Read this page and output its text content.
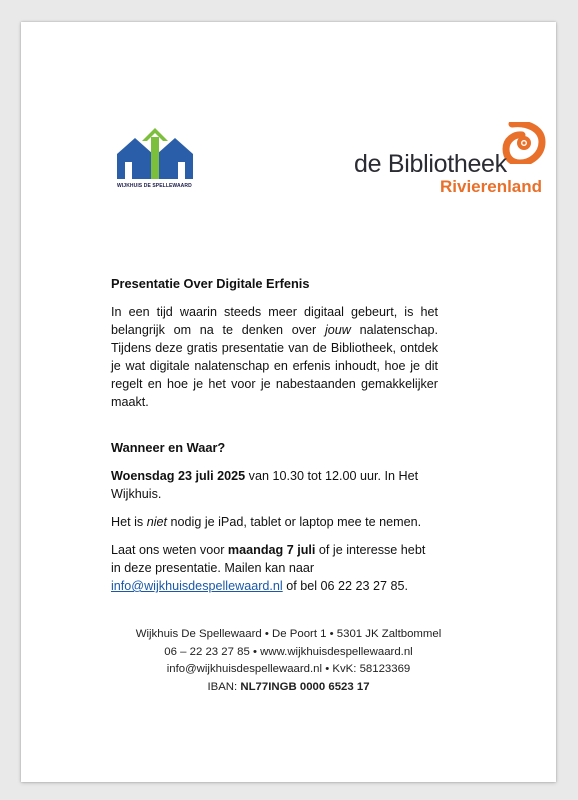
WIJKHUIS DE SPELLEWAARD
de Bibliotheek
Rivierenland
Presentatie Over Digitale Erfenis

In een tijd waarin steeds meer digitaal gebeurt, is het belangrijk om na te denken over jouw nalatenschap. Tijdens deze gratis presentatie van de Bibliotheek, ontdek je wat digitale nalatenschap en erfenis inhoudt, hoe je dit regelt en hoe je het voor je nabestaanden gemakkelijker maakt.

Wanneer en Waar?

Woensdag 23 juli 2025 van 10.30 tot 12.00 uur. In Het Wijkhuis.

Het is niet nodig je iPad, tablet or laptop mee te nemen.

Laat ons weten voor maandag 7 juli of je interesse hebt in deze presentatie. Mailen kan naar info@wijkhuisdespellewaard.nl of bel 06 22 23 27 85.

Wijkhuis De Spellewaard • De Poort 1 • 5301 JK Zaltbommel
06 – 22 23 27 85 • www.wijkhuisdespellewaard.nl
info@wijkhuisdespellewaard.nl • KvK: 58123369
IBAN: NL77INGB 0000 6523 17
